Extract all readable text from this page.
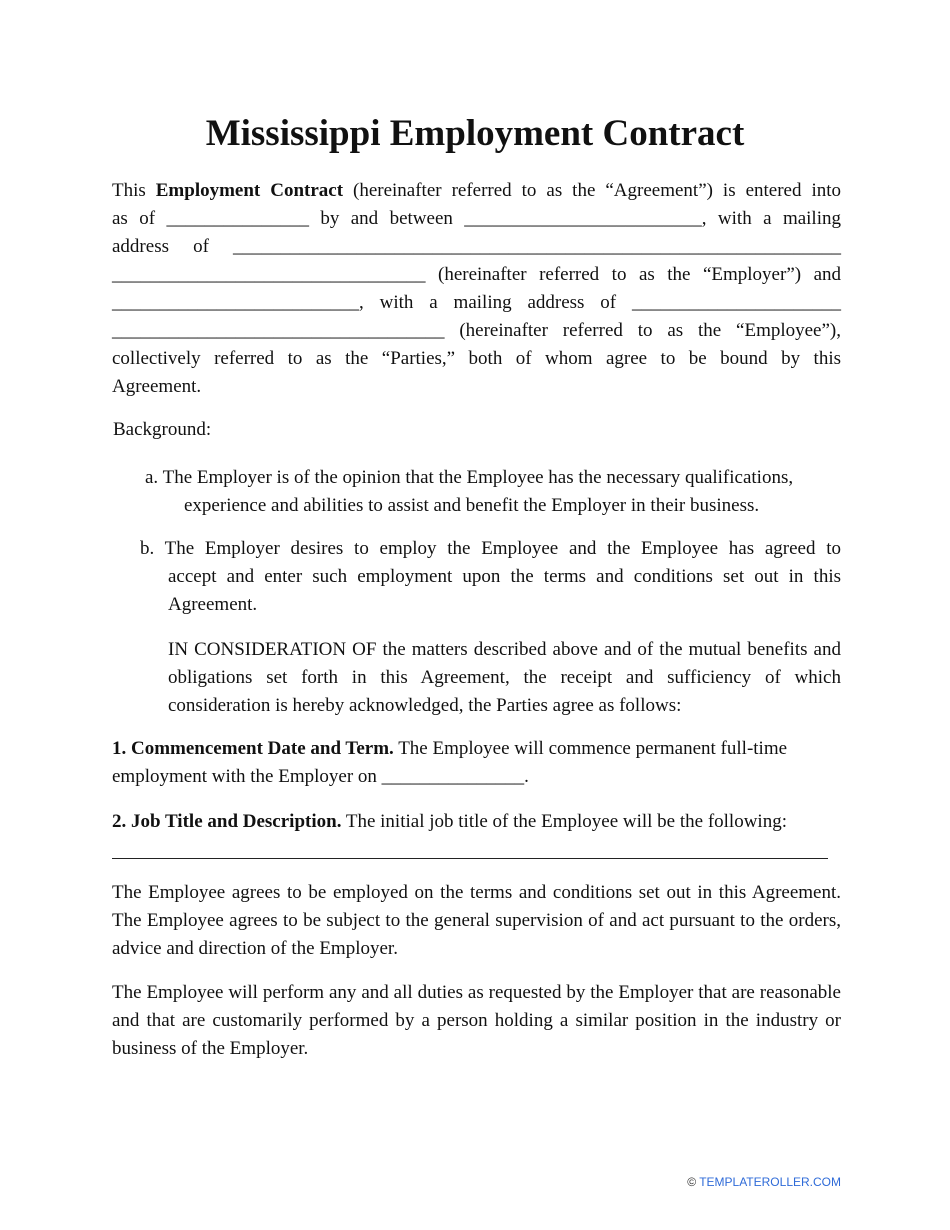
Mississippi Employment Contract
This Employment Contract (hereinafter referred to as the “Agreement”) is entered into
as of _______________ by and between _________________________, with a mailing
address of ________________________________________________________________
_________________________________ (hereinafter referred to as the “Employer”) and
__________________________, with a mailing address of ______________________
___________________________________ (hereinafter referred to as the “Employee”),
collectively referred to as the “Parties,” both of whom agree to be bound by this
Agreement.

Background:

a. The Employer is of the opinion that the Employee has the necessary qualifications,
experience and abilities to assist and benefit the Employer in their business.

b. The Employer desires to employ the Employee and the Employee has agreed to
accept and enter such employment upon the terms and conditions set out in this Agreement.

IN CONSIDERATION OF the matters described above and of the mutual benefits and obligations set forth in this Agreement, the receipt and sufficiency of which consideration is hereby acknowledged, the Parties agree as follows:

1. Commencement Date and Term. The Employee will commence permanent full-time
employment with the Employer on _______________.
2. Job Title and Description. The initial job title of the Employee will be the following:

The Employee agrees to be employed on the terms and conditions set out in this Agreement. The Employee agrees to be subject to the general supervision of and act pursuant to the orders, advice and direction of the Employer.

The Employee will perform any and all duties as requested by the Employer that are reasonable and that are customarily performed by a person holding a similar position in the industry or business of the Employer.

© TEMPLATEROLLER.COM
